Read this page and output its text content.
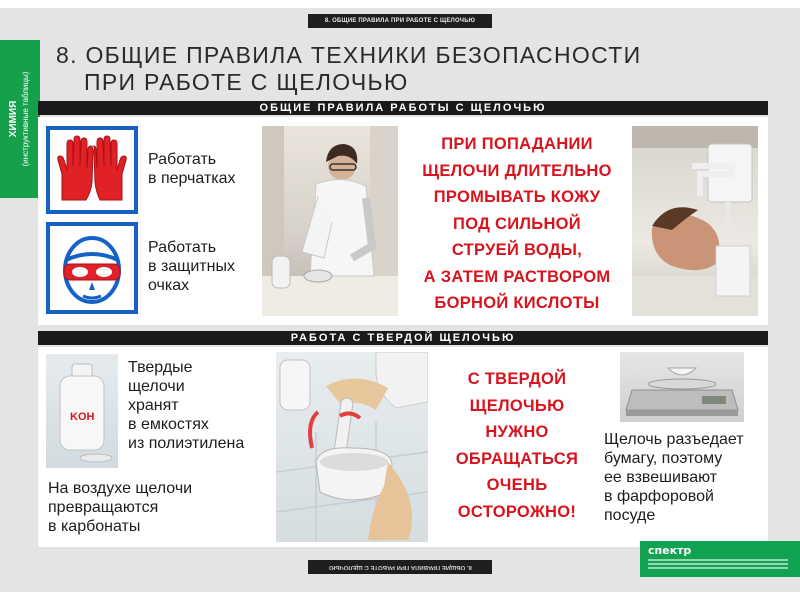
8. ОБЩИЕ ПРАВИЛА ПРИ РАБОТЕ С ЩЕЛОЧЬЮ
ХИМИЯ (инструктивные таблицы)
8. ОБЩИЕ ПРАВИЛА ТЕХНИКИ БЕЗОПАСНОСТИ
ПРИ РАБОТЕ С ЩЕЛОЧЬЮ
ОБЩИЕ ПРАВИЛА РАБОТЫ С ЩЕЛОЧЬЮ
Работать
в перчатках
Работать
в защитных
очках
ПРИ ПОПАДАНИИ
ЩЕЛОЧИ ДЛИТЕЛЬНО
ПРОМЫВАТЬ КОЖУ
ПОД СИЛЬНОЙ
СТРУЕЙ ВОДЫ,
А ЗАТЕМ РАСТВОРОМ
БОРНОЙ КИСЛОТЫ
РАБОТА С ТВЕРДОЙ ЩЕЛОЧЬЮ
KOH
Твердые
щелочи
хранят
в емкостях
из полиэтилена
На воздухе щелочи
превращаются
в карбонаты
С ТВЕРДОЙ
ЩЕЛОЧЬЮ
НУЖНО
ОБРАЩАТЬСЯ
ОЧЕНЬ
ОСТОРОЖНО!
Щелочь разъедает
бумагу, поэтому
ее взвешивают
в фарфоровой
посуде
8. ОБЩИЕ ПРАВИЛА ПРИ РАБОТЕ С ЩЕЛОЧЬЮ
спектр
